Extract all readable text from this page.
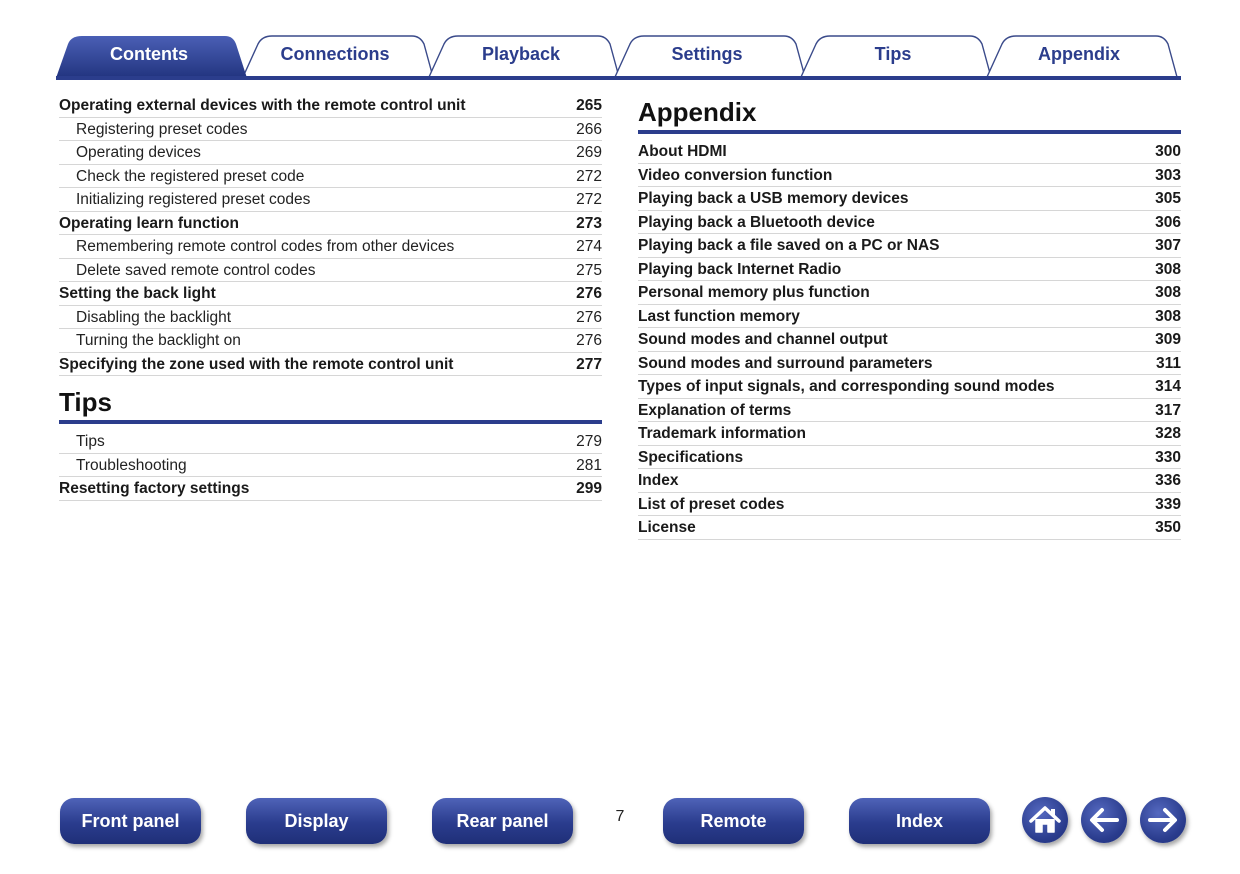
Contents	Connections	Playback	Settings	Tips	Appendix
Operating external devices with the remote control unit	265
Registering preset codes	266
Operating devices	269
Check the registered preset code	272
Initializing registered preset codes	272
Operating learn function	273
Remembering remote control codes from other devices	274
Delete saved remote control codes	275
Setting the back light	276
Disabling the backlight	276
Turning the backlight on	276
Specifying the zone used with the remote control unit	277
Tips
Tips	279
Troubleshooting	281
Resetting factory settings	299
Appendix
About HDMI	300
Video conversion function	303
Playing back a USB memory devices	305
Playing back a Bluetooth device	306
Playing back a file saved on a PC or NAS	307
Playing back Internet Radio	308
Personal memory plus function	308
Last function memory	308
Sound modes and channel output	309
Sound modes and surround parameters	311
Types of input signals, and corresponding sound modes	314
Explanation of terms	317
Trademark information	328
Specifications	330
Index	336
List of preset codes	339
License	350
Front panel	Display	Rear panel	7	Remote	Index
